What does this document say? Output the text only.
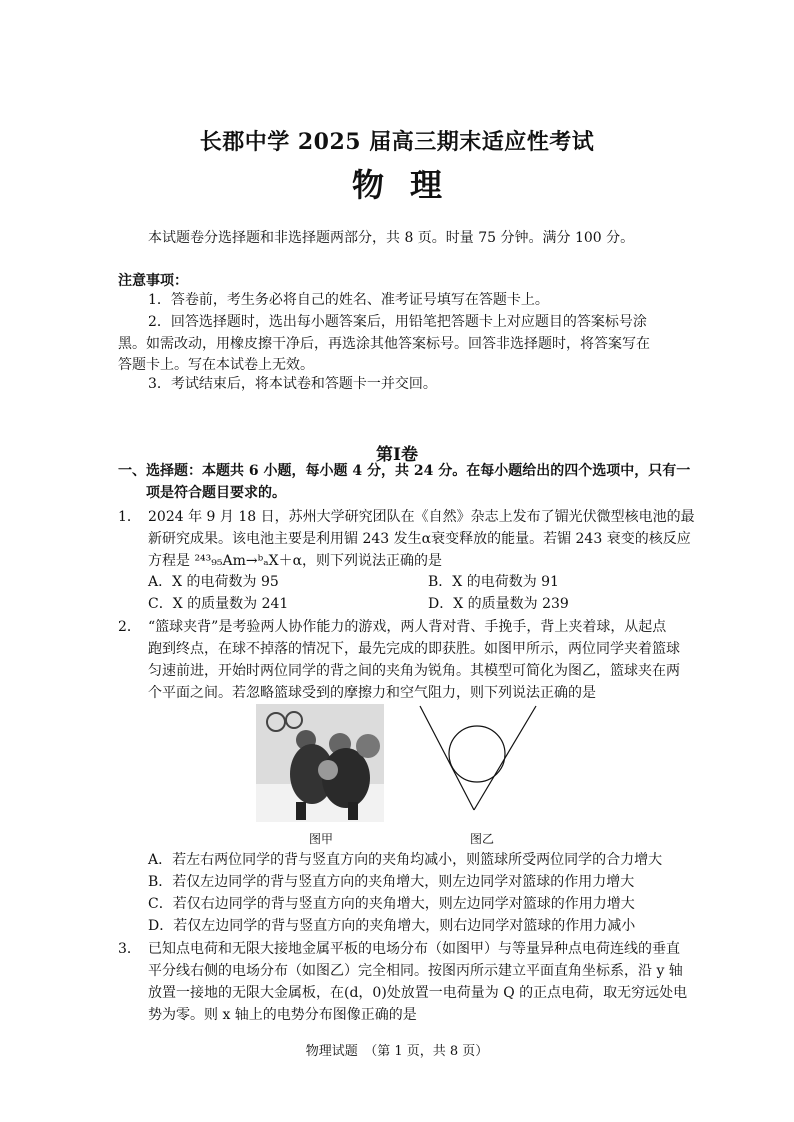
长郡中学 2025 届高三期末适应性考试
物理
本试题卷分选择题和非选择题两部分，共 8 页。时量 75 分钟。满分 100 分。
注意事项：
1．答卷前，考生务必将自己的姓名、准考证号填写在答题卡上。
2．回答选择题时，选出每小题答案后，用铅笔把答题卡上对应题目的答案标号涂
黑。如需改动，用橡皮擦干净后，再选涂其他答案标号。回答非选择题时，将答案写在
答题卡上。写在本试卷上无效。
3．考试结束后，将本试卷和答题卡一并交回。
第Ⅰ卷
一、选择题：本题共 6 小题，每小题 4 分，共 24 分。在每小题给出的四个选项中，只有一
项是符合题目要求的。
1． 2024 年 9 月 18 日，苏州大学研究团队在《自然》杂志上发布了镅光伏微型核电池的最
新研究成果。该电池主要是利用镅 243 发生α衰变释放的能量。若镅 243 衰变的核反应
方程是 ²⁴³₉₅Am→ᵇₐX＋α，则下列说法正确的是
A．X 的电荷数为 95	B．X 的电荷数为 91
C．X 的质量数为 241	D．X 的质量数为 239
2． “篮球夹背”是考验两人协作能力的游戏，两人背对背、手挽手，背上夹着球，从起点
跑到终点，在球不掉落的情况下，最先完成的即获胜。如图甲所示，两位同学夹着篮球
匀速前进，开始时两位同学的背之间的夹角为锐角。其模型可简化为图乙，篮球夹在两
个平面之间。若忽略篮球受到的摩擦力和空气阻力，则下列说法正确的是
图甲	图乙
A．若左右两位同学的背与竖直方向的夹角均减小，则篮球所受两位同学的合力增大
B．若仅左边同学的背与竖直方向的夹角增大，则左边同学对篮球的作用力增大
C．若仅右边同学的背与竖直方向的夹角增大，则左边同学对篮球的作用力增大
D．若仅左边同学的背与竖直方向的夹角增大，则右边同学对篮球的作用力减小
3． 已知点电荷和无限大接地金属平板的电场分布（如图甲）与等量异种点电荷连线的垂直
平分线右侧的电场分布（如图乙）完全相同。按图丙所示建立平面直角坐标系，沿 y 轴
放置一接地的无限大金属板，在(d，0)处放置一电荷量为 Q 的正点电荷，取无穷远处电
势为零。则 x 轴上的电势分布图像正确的是
物理试题　（第 1 页，共 8 页）
